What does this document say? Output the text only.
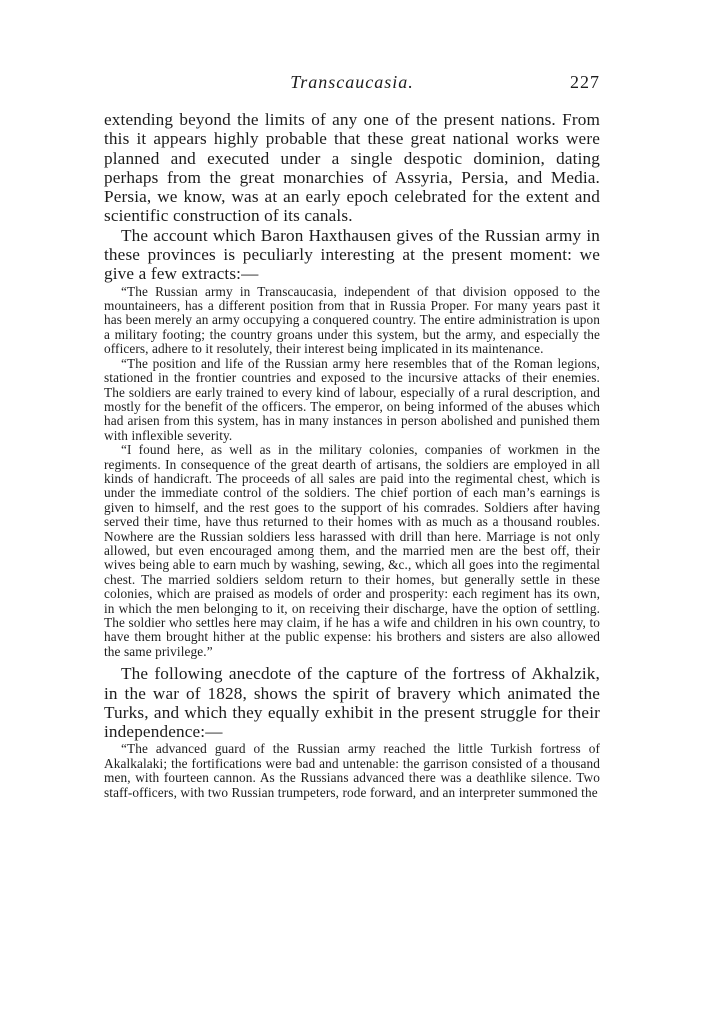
Transcaucasia.	227

extending beyond the limits of any one of the present nations. From this it appears highly probable that these great national works were planned and executed under a single despotic dominion, dating perhaps from the great monarchies of Assyria, Persia, and Media. Persia, we know, was at an early epoch celebrated for the extent and scientific construction of its canals.

The account which Baron Haxthausen gives of the Russian army in these provinces is peculiarly interesting at the present moment: we give a few extracts:—

“The Russian army in Transcaucasia, independent of that division opposed to the mountaineers, has a different position from that in Russia Proper. For many years past it has been merely an army occupying a conquered country. The entire administration is upon a military footing; the country groans under this system, but the army, and especially the officers, adhere to it resolutely, their interest being implicated in its maintenance.

“The position and life of the Russian army here resembles that of the Roman legions, stationed in the frontier countries and exposed to the incursive attacks of their enemies. The soldiers are early trained to every kind of labour, especially of a rural description, and mostly for the benefit of the officers. The emperor, on being informed of the abuses which had arisen from this system, has in many instances in person abolished and punished them with inflexible severity.

“I found here, as well as in the military colonies, companies of workmen in the regiments. In consequence of the great dearth of artisans, the soldiers are employed in all kinds of handicraft. The proceeds of all sales are paid into the regimental chest, which is under the immediate control of the soldiers. The chief portion of each man’s earnings is given to himself, and the rest goes to the support of his comrades. Soldiers after having served their time, have thus returned to their homes with as much as a thousand roubles. Nowhere are the Russian soldiers less harassed with drill than here. Marriage is not only allowed, but even encouraged among them, and the married men are the best off, their wives being able to earn much by washing, sewing, &c., which all goes into the regimental chest. The married soldiers seldom return to their homes, but generally settle in these colonies, which are praised as models of order and prosperity: each regiment has its own, in which the men belonging to it, on receiving their discharge, have the option of settling. The soldier who settles here may claim, if he has a wife and children in his own country, to have them brought hither at the public expense: his brothers and sisters are also allowed the same privilege.”

The following anecdote of the capture of the fortress of Akhalzik, in the war of 1828, shows the spirit of bravery which animated the Turks, and which they equally exhibit in the present struggle for their independence:—

“The advanced guard of the Russian army reached the little Turkish fortress of Akalkalaki; the fortifications were bad and untenable: the garrison consisted of a thousand men, with fourteen cannon. As the Russians advanced there was a deathlike silence. Two staff-officers, with two Russian trumpeters, rode forward, and an interpreter summoned the
